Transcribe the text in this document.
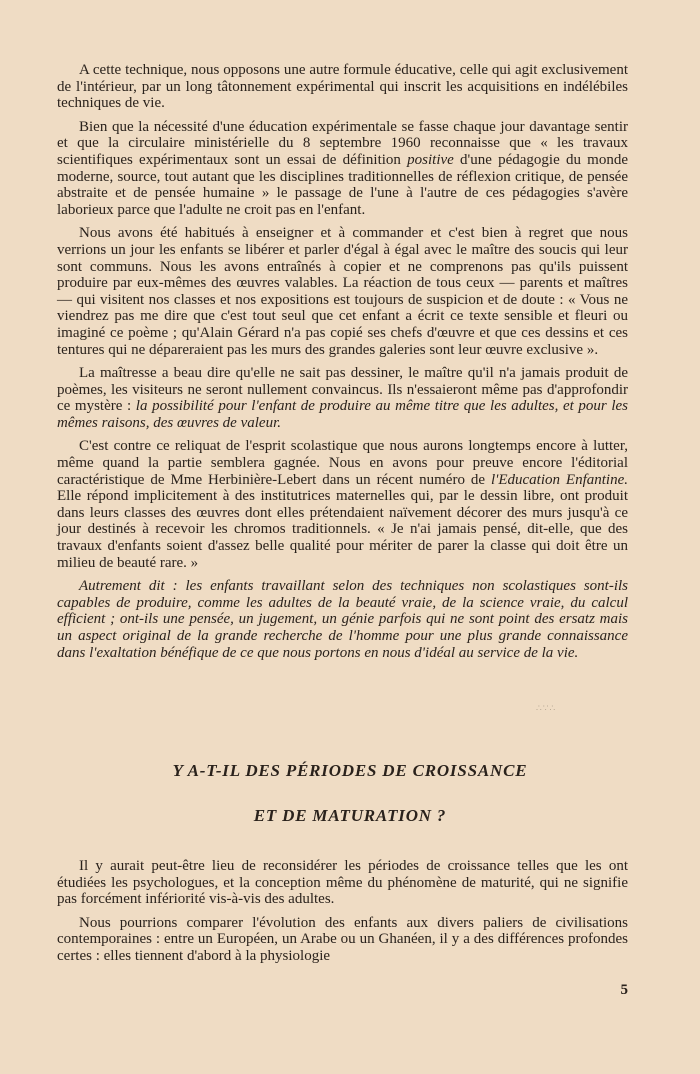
A cette technique, nous opposons une autre formule éducative, celle qui agit exclusivement de l'intérieur, par un long tâtonnement expérimental qui inscrit les acquisitions en indélébiles techniques de vie.

Bien que la nécessité d'une éducation expérimentale se fasse chaque jour davantage sentir et que la circulaire ministérielle du 8 septembre 1960 reconnaisse que « les travaux scientifiques expérimentaux sont un essai de définition positive d'une pédagogie du monde moderne, source, tout autant que les disciplines traditionnelles de réflexion critique, de pensée abstraite et de pensée humaine » le passage de l'une à l'autre de ces pédagogies s'avère laborieux parce que l'adulte ne croit pas en l'enfant.

Nous avons été habitués à enseigner et à commander et c'est bien à regret que nous verrions un jour les enfants se libérer et parler d'égal à égal avec le maître des soucis qui leur sont communs. Nous les avons entraînés à copier et ne comprenons pas qu'ils puissent produire par eux-mêmes des œuvres valables. La réaction de tous ceux — parents et maîtres — qui visitent nos classes et nos expositions est toujours de suspicion et de doute : « Vous ne viendrez pas me dire que c'est tout seul que cet enfant a écrit ce texte sensible et fleuri ou imaginé ce poème ; qu'Alain Gérard n'a pas copié ses chefs d'œuvre et que ces dessins et ces tentures qui ne dépareraient pas les murs des grandes galeries sont leur œuvre exclusive ».

La maîtresse a beau dire qu'elle ne sait pas dessiner, le maître qu'il n'a jamais produit de poèmes, les visiteurs ne seront nullement convaincus. Ils n'essaieront même pas d'approfondir ce mystère : la possibilité pour l'enfant de produire au même titre que les adultes, et pour les mêmes raisons, des œuvres de valeur.

C'est contre ce reliquat de l'esprit scolastique que nous aurons longtemps encore à lutter, même quand la partie semblera gagnée. Nous en avons pour preuve encore l'éditorial caractéristique de Mme Herbinière-Lebert dans un récent numéro de l'Education Enfantine. Elle répond implicitement à des institutrices maternelles qui, par le dessin libre, ont produit dans leurs classes des œuvres dont elles prétendaient naïvement décorer des murs jusqu'à ce jour destinés à recevoir les chromos traditionnels. « Je n'ai jamais pensé, dit-elle, que des travaux d'enfants soient d'assez belle qualité pour mériter de parer la classe qui doit être un milieu de beauté rare. »

Autrement dit : les enfants travaillant selon des techniques non scolastiques sont-ils capables de produire, comme les adultes de la beauté vraie, de la science vraie, du calcul efficient ; ont-ils une pensée, un jugement, un génie parfois qui ne sont point des ersatz mais un aspect original de la grande recherche de l'homme pour une plus grande connaissance dans l'exaltation bénéfique de ce que nous portons en nous d'idéal au service de la vie.

∴∵∴
Y A-T-IL DES PÉRIODES DE CROISSANCE
ET DE MATURATION ?

Il y aurait peut-être lieu de reconsidérer les périodes de croissance telles que les ont étudiées les psychologues, et la conception même du phénomène de maturité, qui ne signifie pas forcément infériorité vis-à-vis des adultes.

Nous pourrions comparer l'évolution des enfants aux divers paliers de civilisations contemporaines : entre un Européen, un Arabe ou un Ghanéen, il y a des différences profondes certes : elles tiennent d'abord à la physiologie

5
